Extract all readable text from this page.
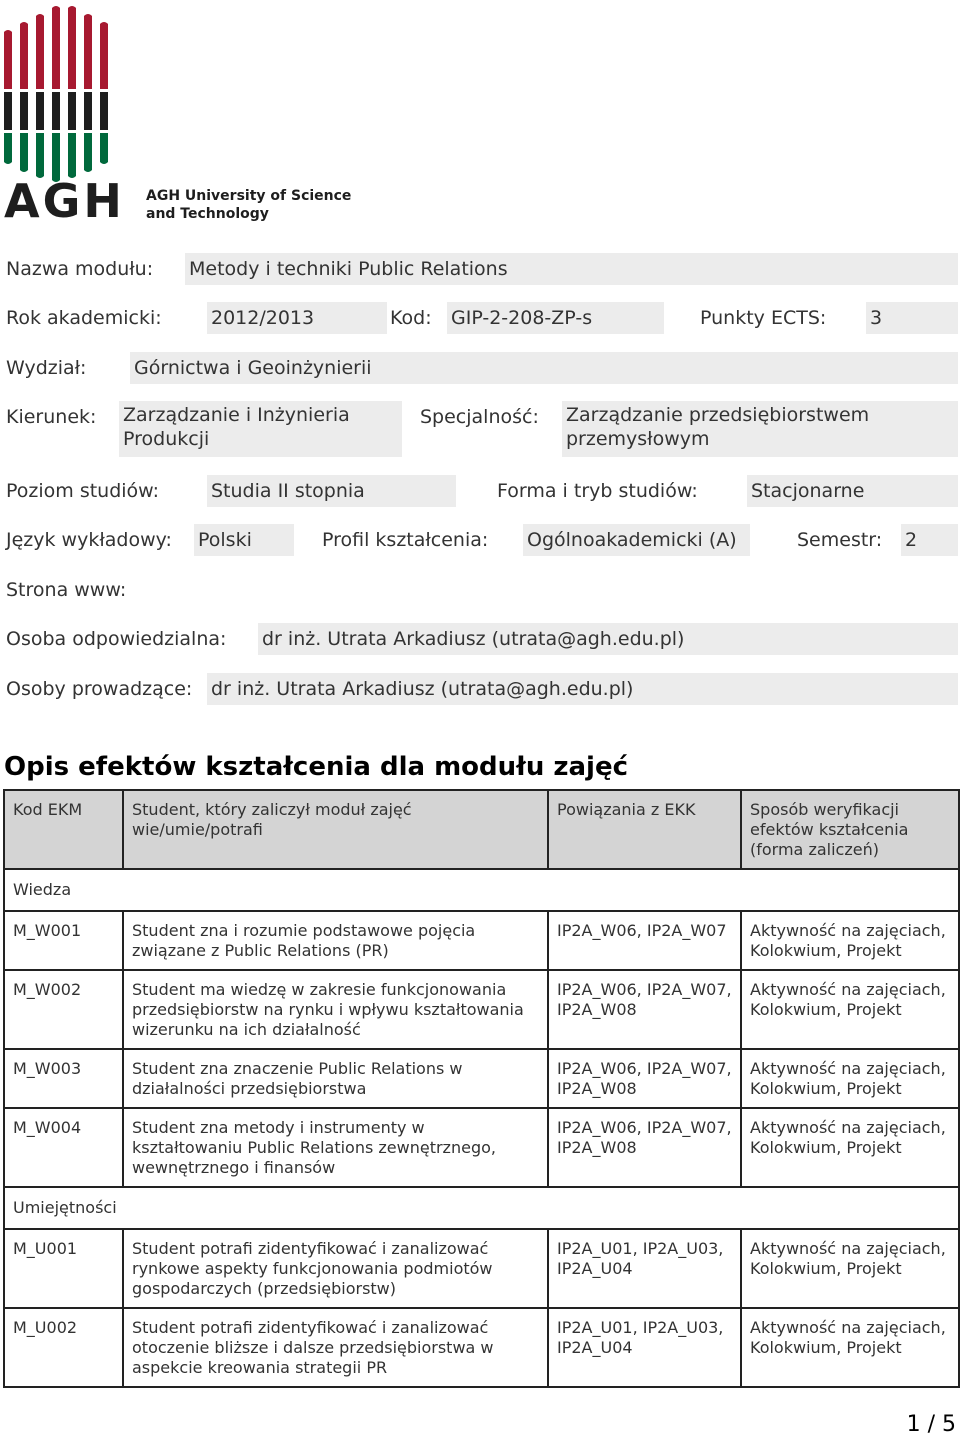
AGH AGH University of Science
and Technology
Nazwa modułu: Metody i techniki Public Relations
Rok akademicki:	2012/2013	Kod: GIP-2-208-ZP-s	Punkty ECTS: 3
Wydział:	Górnictwa i Geoinżynierii
Kierunek: Zarządzanie i Inżynieria Produkcji
Specjalność: Zarządzanie przedsiębiorstwem przemysłowym
Poziom studiów:	Studia II stopnia	Forma i tryb studiów:	Stacjonarne
Język wykładowy: Polski	Profil kształcenia: Ogólnoakademicki (A)	Semestr: 2
Strona www:
Osoba odpowiedzialna: dr inż. Utrata Arkadiusz (utrata@agh.edu.pl)
Osoby prowadzące: dr inż. Utrata Arkadiusz (utrata@agh.edu.pl)
Opis efektów kształcenia dla modułu zajęć
Kod EKM	Student, który zaliczył moduł zajęć wie/umie/potrafi	Powiązania z EKK	Sposób weryfikacji efektów kształcenia (forma zaliczeń)
Wiedza			
M_W001	Student zna i rozumie podstawowe pojęcia związane z Public Relations (PR)	IP2A_W06, IP2A_W07	Aktywność na zajęciach, Kolokwium, Projekt
M_W002	Student ma wiedzę w zakresie funkcjonowania przedsiębiorstw na rynku i wpływu kształtowania wizerunku na ich działalność	IP2A_W06, IP2A_W07, IP2A_W08	Aktywność na zajęciach, Kolokwium, Projekt
M_W003	Student zna znaczenie Public Relations w działalności przedsiębiorstwa	IP2A_W06, IP2A_W07, IP2A_W08	Aktywność na zajęciach, Kolokwium, Projekt
M_W004	Student zna metody i instrumenty w kształtowaniu Public Relations zewnętrznego, wewnętrznego i finansów	IP2A_W06, IP2A_W07, IP2A_W08	Aktywność na zajęciach, Kolokwium, Projekt
Umiejętności			
M_U001	Student potrafi zidentyfikować i zanalizować rynkowe aspekty funkcjonowania podmiotów gospodarczych (przedsiębiorstw)	IP2A_U01, IP2A_U03, IP2A_U04	Aktywność na zajęciach, Kolokwium, Projekt
M_U002	Student potrafi zidentyfikować i zanalizować otoczenie bliższe i dalsze przedsiębiorstwa w aspekcie kreowania strategii PR	IP2A_U01, IP2A_U03, IP2A_U04	Aktywność na zajęciach, Kolokwium, Projekt
1 / 5
